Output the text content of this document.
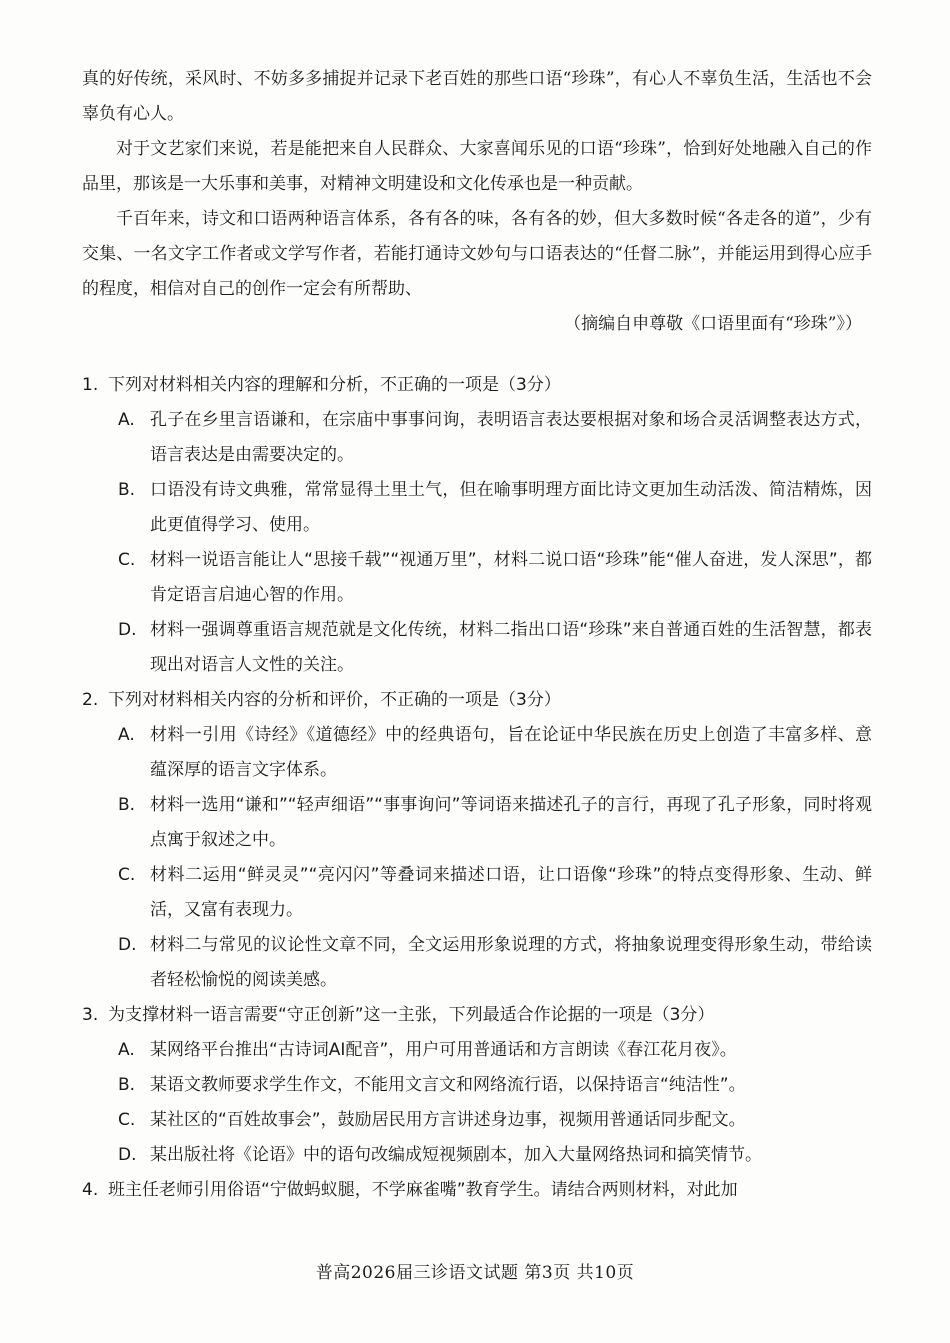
真的好传统，采风时、不妨多多捕捉并记录下老百姓的那些口语“珍珠”，有心人不辜负生活，生活也不会辜负有心人。

对于文艺家们来说，若是能把来自人民群众、大家喜闻乐见的口语“珍珠”，恰到好处地融入自己的作品里，那该是一大乐事和美事，对精神文明建设和文化传承也是一种贡献。

千百年来，诗文和口语两种语言体系，各有各的味，各有各的妙，但大多数时候“各走各的道”，少有交集、一名文字工作者或文学写作者，若能打通诗文妙句与口语表达的“任督二脉”，并能运用到得心应手的程度，相信对自己的创作一定会有所帮助、

（摘编自申尊敬《口语里面有“珍珠”》）

1. 下列对材料相关内容的理解和分析，不正确的一项是（3分）

A. 孔子在乡里言语谦和，在宗庙中事事问询，表明语言表达要根据对象和场合灵活调整表达方式，语言表达是由需要决定的。

B. 口语没有诗文典雅，常常显得土里土气，但在喻事明理方面比诗文更加生动活泼、简洁精炼，因此更值得学习、使用。

C. 材料一说语言能让人“思接千载”“视通万里”，材料二说口语“珍珠”能“催人奋进，发人深思”，都肯定语言启迪心智的作用。

D. 材料一强调尊重语言规范就是文化传统，材料二指出口语“珍珠”来自普通百姓的生活智慧，都表现出对语言人文性的关注。

2. 下列对材料相关内容的分析和评价，不正确的一项是（3分）

A. 材料一引用《诗经》《道德经》中的经典语句，旨在论证中华民族在历史上创造了丰富多样、意蕴深厚的语言文字体系。

B. 材料一选用“谦和”“轻声细语”“事事询问”等词语来描述孔子的言行，再现了孔子形象，同时将观点寓于叙述之中。

C. 材料二运用“鲜灵灵”“亮闪闪”等叠词来描述口语，让口语像“珍珠”的特点变得形象、生动、鲜活，又富有表现力。

D. 材料二与常见的议论性文章不同，全文运用形象说理的方式，将抽象说理变得形象生动，带给读者轻松愉悦的阅读美感。

3. 为支撑材料一语言需要“守正创新”这一主张，下列最适合作论据的一项是（3分）

A. 某网络平台推出“古诗词AI配音”，用户可用普通话和方言朗读《春江花月夜》。

B. 某语文教师要求学生作文，不能用文言文和网络流行语，以保持语言“纯洁性”。

C. 某社区的“百姓故事会”，鼓励居民用方言讲述身边事，视频用普通话同步配文。

D. 某出版社将《论语》中的语句改编成短视频剧本，加入大量网络热词和搞笑情节。

4. 班主任老师引用俗语“宁做蚂蚁腿，不学麻雀嘴”教育学生。请结合两则材料，对此加

普高2026届三诊语文试题 第3页 共10页
